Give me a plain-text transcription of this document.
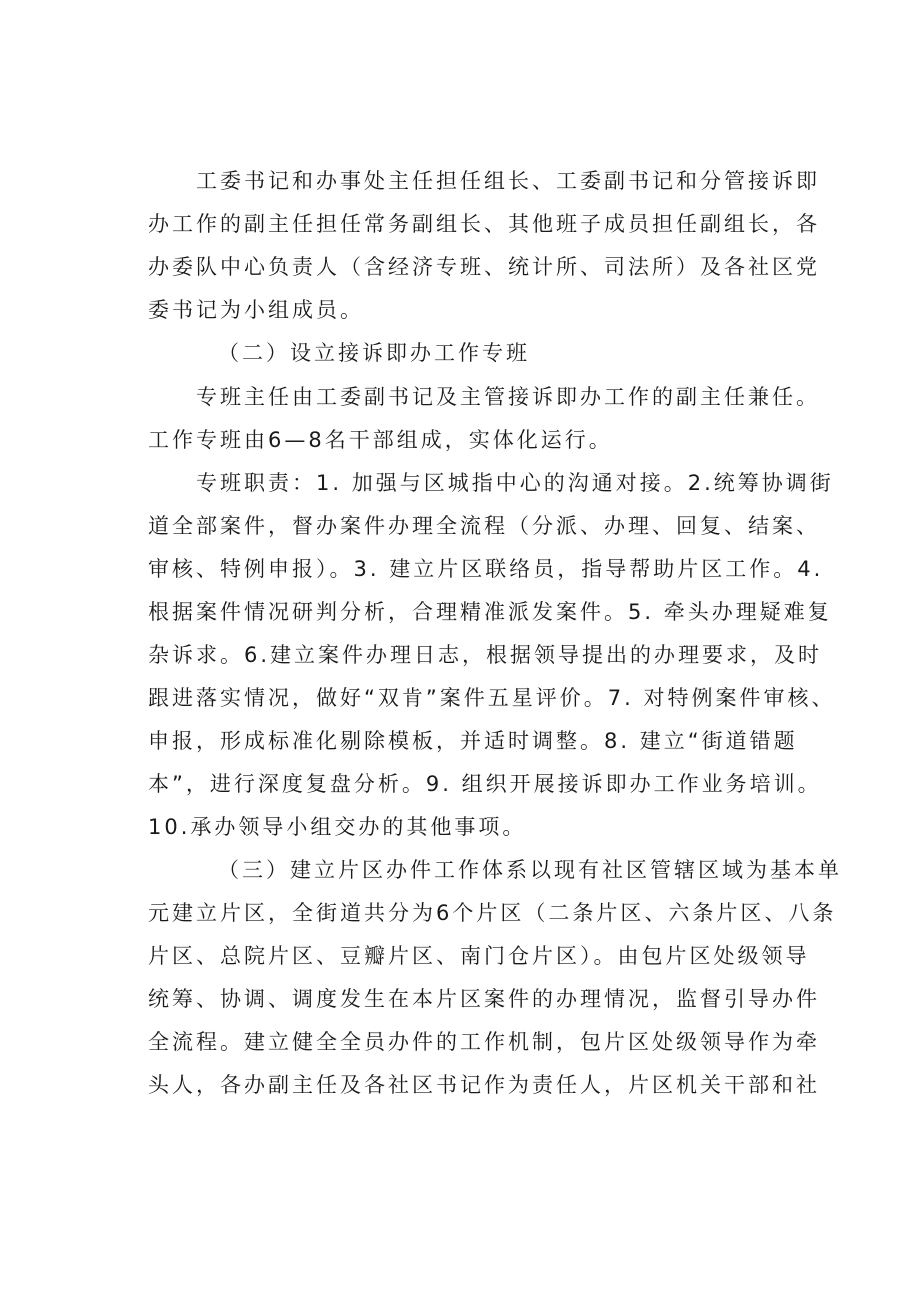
工委书记和办事处主任担任组长、工委副书记和分管接诉即
办工作的副主任担任常务副组长、其他班子成员担任副组长，各
办委队中心负责人（含经济专班、统计所、司法所）及各社区党
委书记为小组成员。
（二）设立接诉即办工作专班
专班主任由工委副书记及主管接诉即办工作的副主任兼任。
工作专班由6—8名干部组成，实体化运行。
专班职责：1. 加强与区城指中心的沟通对接。2.统筹协调街
道全部案件，督办案件办理全流程（分派、办理、回复、结案、
审核、特例申报）。3. 建立片区联络员，指导帮助片区工作。4.
根据案件情况研判分析，合理精准派发案件。5. 牵头办理疑难复
杂诉求。6.建立案件办理日志，根据领导提出的办理要求，及时
跟进落实情况，做好“双肯”案件五星评价。7. 对特例案件审核、
申报，形成标准化剔除模板，并适时调整。8. 建立“街道错题
本”，进行深度复盘分析。9. 组织开展接诉即办工作业务培训。
10.承办领导小组交办的其他事项。
（三）建立片区办件工作体系以现有社区管辖区域为基本单
元建立片区，全街道共分为6个片区（二条片区、六条片区、八条
片区、总院片区、豆瓣片区、南门仓片区）。由包片区处级领导
统筹、协调、调度发生在本片区案件的办理情况，监督引导办件
全流程。建立健全全员办件的工作机制，包片区处级领导作为牵
头人，各办副主任及各社区书记作为责任人，片区机关干部和社
